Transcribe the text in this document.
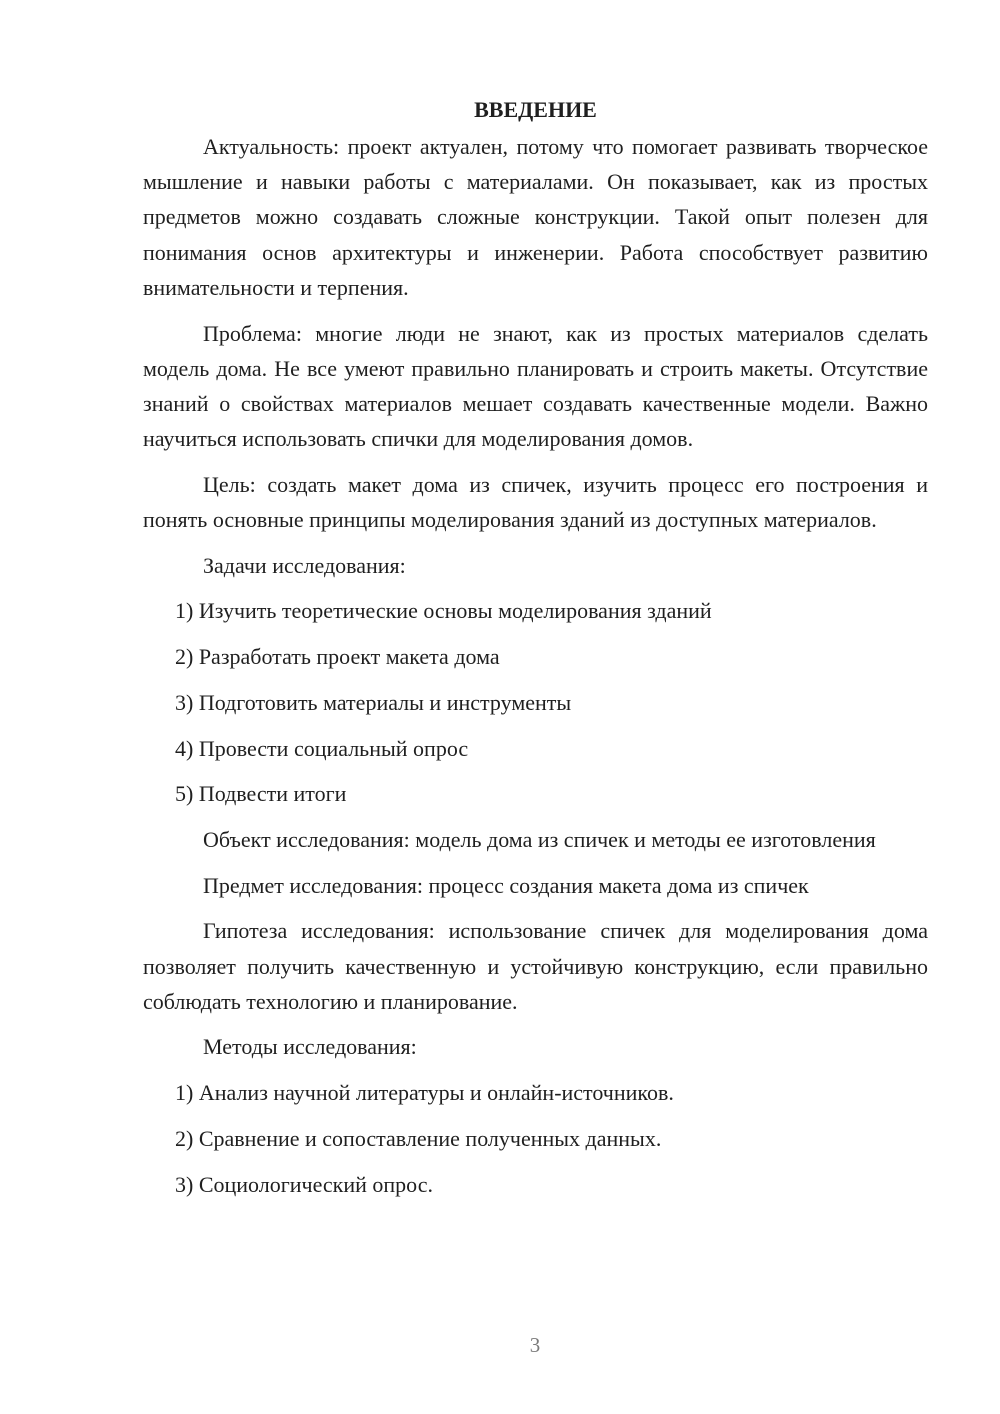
ВВЕДЕНИЕ

Актуальность: проект актуален, потому что помогает развивать творческое мышление и навыки работы с материалами. Он показывает, как из простых предметов можно создавать сложные конструкции. Такой опыт полезен для понимания основ архитектуры и инженерии. Работа способствует развитию внимательности и терпения.

Проблема: многие люди не знают, как из простых материалов сделать модель дома. Не все умеют правильно планировать и строить макеты. Отсутствие знаний о свойствах материалов мешает создавать качественные модели. Важно научиться использовать спички для моделирования домов.

Цель: создать макет дома из спичек, изучить процесс его построения и понять основные принципы моделирования зданий из доступных материалов.

Задачи исследования:

1) Изучить теоретические основы моделирования зданий
2) Разработать проект макета дома
3) Подготовить материалы и инструменты
4) Провести социальный опрос
5) Подвести итоги

Объект исследования: модель дома из спичек и методы ее изготовления

Предмет исследования: процесс создания макета дома из спичек

Гипотеза исследования: использование спичек для моделирования дома позволяет получить качественную и устойчивую конструкцию, если правильно соблюдать технологию и планирование.

Методы исследования:

1) Анализ научной литературы и онлайн-источников.
2) Сравнение и сопоставление полученных данных.
3) Социологический опрос.
3
